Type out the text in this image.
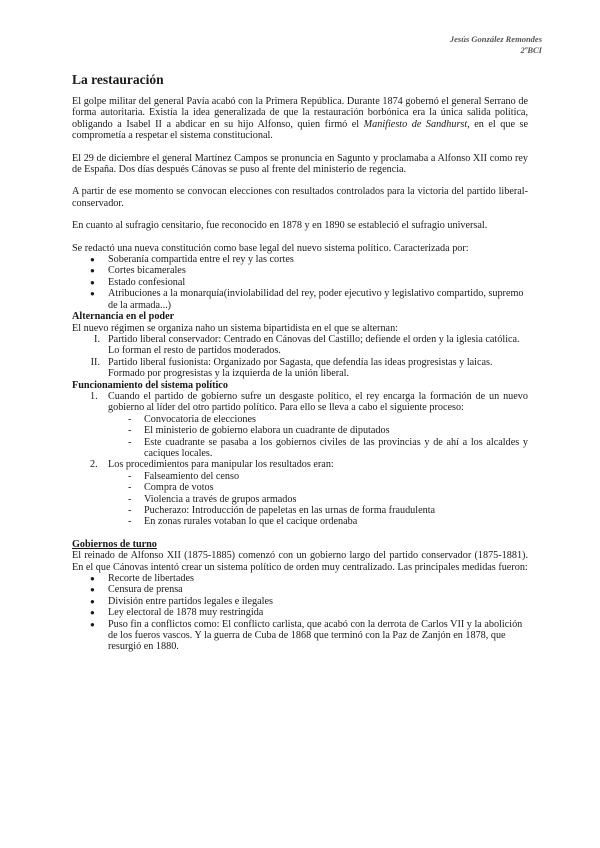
Jesús González Remondes
2ºBCI
La restauración

El golpe militar del general Pavía acabó con la Primera República. Durante 1874 gobernó el general Serrano de forma autoritaria. Existía la idea generalizada de que la restauración borbónica era la única salida política, obligando a Isabel II a abdicar en su hijo Alfonso, quien firmó el Manifiesto de Sandhurst, en el que se comprometía a respetar el sistema constitucional.

El 29 de diciembre el general Martínez Campos se pronuncia en Sagunto y proclamaba a Alfonso XII como rey de España. Dos días después Cánovas se puso al frente del ministerio de regencia.

A partir de ese momento se convocan elecciones con resultados controlados para la victoria del partido liberal-conservador.

En cuanto al sufragio censitario, fue reconocido en 1878 y en 1890 se estableció el sufragio universal.

Se redactó una nueva constitución como base legal del nuevo sistema político. Caracterizada por:

● Soberanía compartida entre el rey y las cortes
● Cortes bicamerales
● Estado confesional
● Atribuciones a la monarquía(inviolabilidad del rey, poder ejecutivo y legislativo compartido, supremo de la armada...)

Alternancia en el poder

El nuevo régimen se organiza naho un sistema bipartidista en el que se alternan:

I. Partido liberal conservador: Centrado en Cánovas del Castillo; defiende el orden y la iglesia católica. Lo forman el resto de partidos moderados.
II. Partido liberal fusionista: Organizado por Sagasta, que defendía las ideas progresistas y laicas. Formado por progresistas y la izquierda de la unión liberal.

Funcionamiento del sistema político

1. Cuando el partido de gobierno sufre un desgaste político, el rey encarga la formación de un nuevo gobierno al líder del otro partido político. Para ello se lleva a cabo el siguiente proceso:
- Convocatoria de elecciones
- El ministerio de gobierno elabora un cuadrante de diputados
- Este cuadrante se pasaba a los gobiernos civiles de las provincias y de ahí a los alcaldes y caciques locales.
2. Los procedimientos para manipular los resultados eran:
- Falseamiento del censo
- Compra de votos
- Violencia a través de grupos armados
- Pucherazo: Introducción de papeletas en las urnas de forma fraudulenta
- En zonas rurales votaban lo que el cacique ordenaba

Gobiernos de turno

El reinado de Alfonso XII (1875-1885) comenzó con un gobierno largo del partido conservador (1875-1881). En el que Cánovas intentó crear un sistema político de orden muy centralizado. Las principales medidas fueron:

● Recorte de libertades
● Censura de prensa
● División entre partidos legales e ilegales
● Ley electoral de 1878 muy restringida
● Puso fin a conflictos como: El conflicto carlista, que acabó con la derrota de Carlos VII y la abolición de los fueros vascos. Y la guerra de Cuba de 1868 que terminó con la Paz de Zanjón en 1878, que resurgió en 1880.
